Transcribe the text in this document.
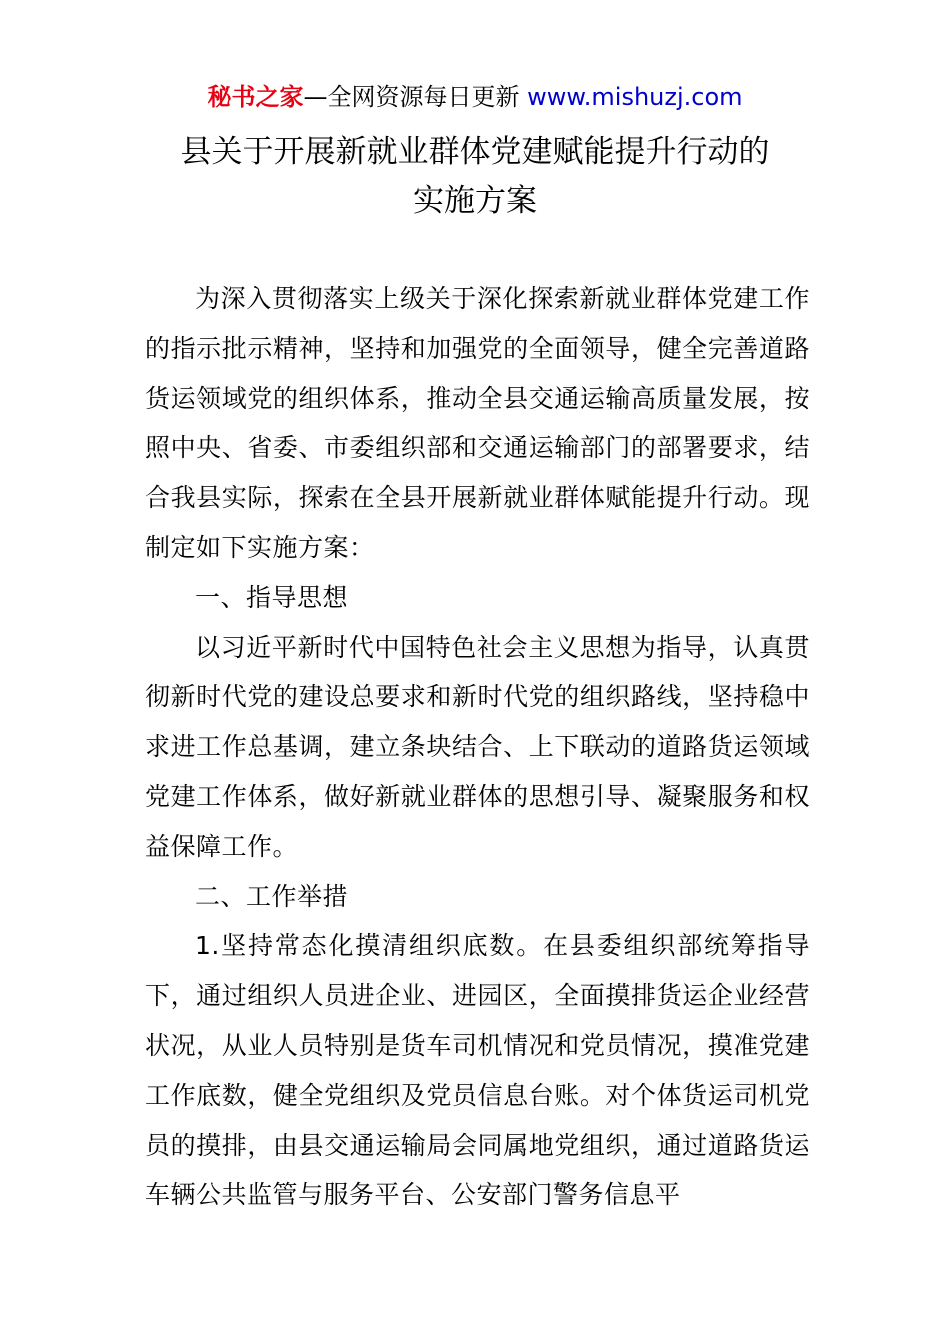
秘书之家—全网资源每日更新 www.mishuzj.com
县关于开展新就业群体党建赋能提升行动的
实施方案

为深入贯彻落实上级关于深化探索新就业群体党建工作的指示批示精神，坚持和加强党的全面领导，健全完善道路货运领域党的组织体系，推动全县交通运输高质量发展，按照中央、省委、市委组织部和交通运输部门的部署要求，结合我县实际，探索在全县开展新就业群体赋能提升行动。现制定如下实施方案：

一、指导思想

以习近平新时代中国特色社会主义思想为指导，认真贯彻新时代党的建设总要求和新时代党的组织路线，坚持稳中求进工作总基调，建立条块结合、上下联动的道路货运领域党建工作体系，做好新就业群体的思想引导、凝聚服务和权益保障工作。

二、工作举措

1.坚持常态化摸清组织底数。在县委组织部统筹指导下，通过组织人员进企业、进园区，全面摸排货运企业经营状况，从业人员特别是货车司机情况和党员情况，摸准党建工作底数，健全党组织及党员信息台账。对个体货运司机党员的摸排，由县交通运输局会同属地党组织，通过道路货运车辆公共监管与服务平台、公安部门警务信息平
